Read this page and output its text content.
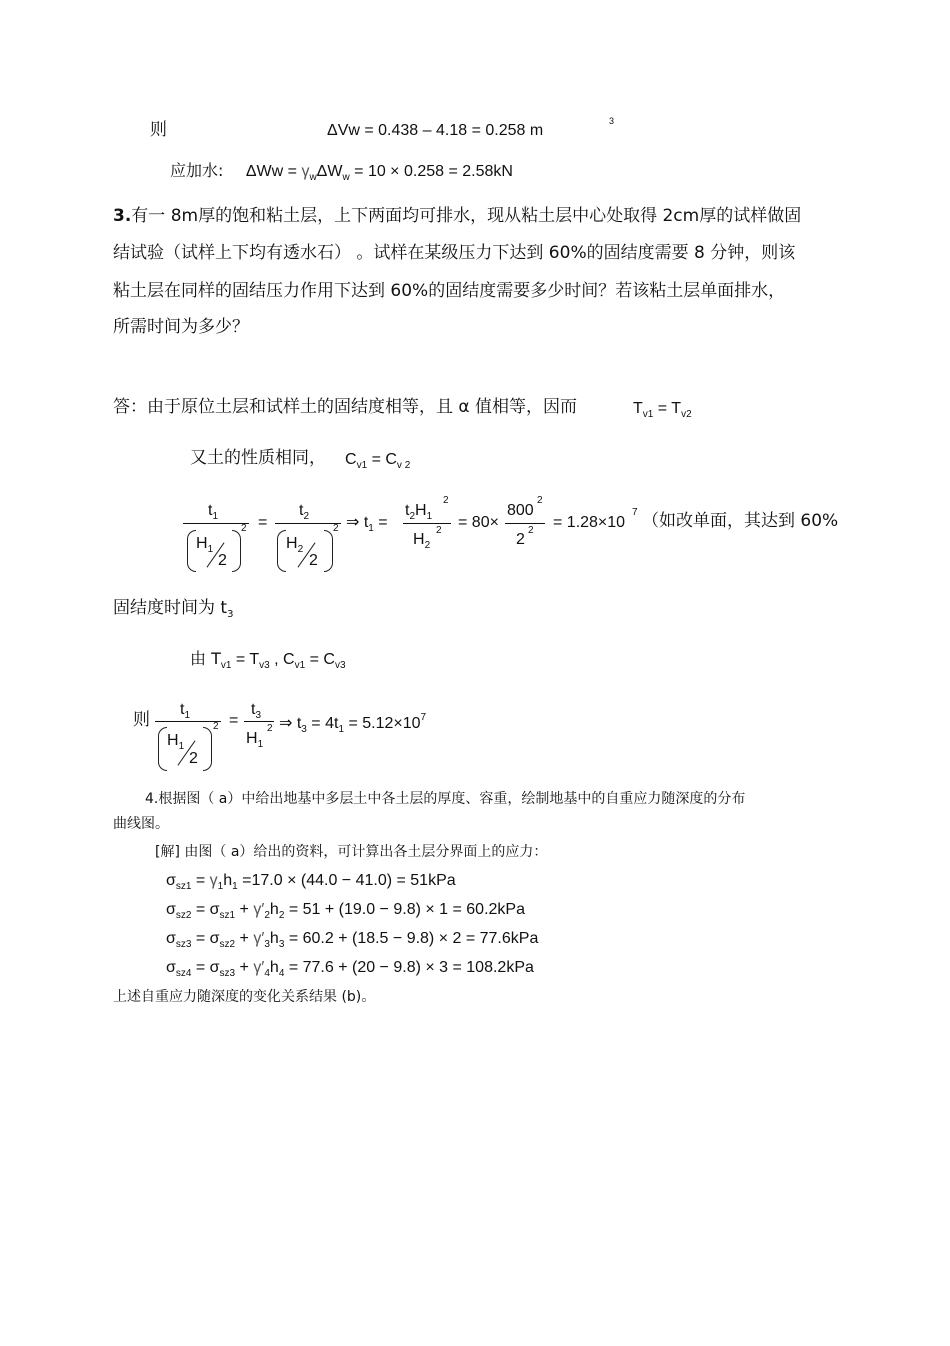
则	ΔVw = 0.438 – 4.18 = 0.258 m
3
应加水: $\Delta Ww = \gamma_w\Delta W_w = 10 \times 0.258 = 2.58kN$
3.有一 8m厚的饱和粘土层，上下两面均可排水，现从粘土层中心处取得 2cm厚的试样做固
结试验（试样上下均有透水石） 。试样在某级压力下达到 60%的固结度需要 8 分钟，则该
粘土层在同样的固结压力作用下达到 60%的固结度需要多少时间？若该粘土层单面排水，
所需时间为多少？
答：由于原位土层和试样土的固结度相等，且 α 值相等，因而	$T_{v1} = T_{v2}$
又土的性质相同， $C_{v1} = C_{v 2}$
$t_1$
$H_1$
2
2 =
$t_2$
$H_2$
2
2 ⇒ $t_1$ =
$t_2H_1$
2
$H_2$
2 = 80×
800
2
2
2 = 1.28×10
7 （如改单面，其达到 60%
固结度时间为 $t_3$
由 $T_{v1} = T_{v3}$ , $C_{v1} = C_{v3}$
则
$t_1$
$H_1$
2
2 =
$t_3$
$H_1$
2 ⇒ $t_3 = 4t_1 = 5.12\times 10^7$
4.根据图（ a）中给出地基中多层土中各土层的厚度、容重，绘制地基中的自重应力随深度的分布
曲线图。
[解] 由图（ a）给出的资料，可计算出各土层分界面上的应力：
$\sigma_{sz1} = \gamma_1h_1 =17.0 \times (44.0 - 41.0) = 51kPa$
$\sigma_{sz2} = \sigma_{sz1} + \gamma'_2h_2 = 51 + (19.0 - 9.8) \times 1 = 60.2kPa$
$\sigma_{sz3} = \sigma_{sz2} + \gamma'_3h_3 = 60.2 + (18.5 - 9.8) \times 2 = 77.6kPa$
$\sigma_{sz4} = \sigma_{sz3} + \gamma'_4h_4 = 77.6 + (20 - 9.8) \times 3 = 108.2kPa$
上述自重应力随深度的变化关系结果 (b)。
